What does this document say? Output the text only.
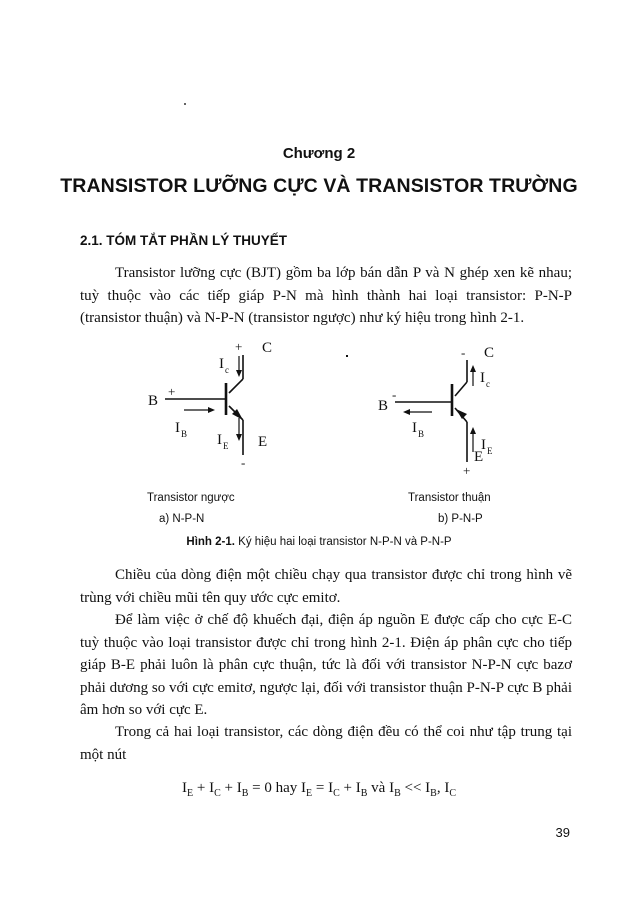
Chương 2
TRANSISTOR LƯỠNG CỰC VÀ TRANSISTOR TRƯỜNG
2.1. TÓM TẮT PHẦN LÝ THUYẾT

Transistor lưỡng cực (BJT) gồm ba lớp bán dẫn P và N ghép xen kẽ nhau; tuỳ thuộc vào các tiếp giáp P-N mà hình thành hai loại transistor: P-N-P (transistor thuận) và N-P-N (transistor ngược) như ký hiệu trong hình 2-1.

+ C
I c
B
+
I B I E E
-
- C
I c
B
-
I B
I E
E
+
Transistor ngược
a) N-P-N
Transistor thuận
b) P-N-P
Hình 2-1. Ký hiệu hai loại transistor N-P-N và P-N-P

Chiều của dòng điện một chiều chạy qua transistor được chỉ trong hình vẽ trùng với chiều mũi tên quy ước cực emitơ.

Để làm việc ở chế độ khuếch đại, điện áp nguồn E được cấp cho cực E-C tuỳ thuộc vào loại transistor được chỉ trong hình 2-1. Điện áp phân cực cho tiếp giáp B-E phải luôn là phân cực thuận, tức là đối với transistor N-P-N cực bazơ phải dương so với cực emitơ, ngược lại, đối với transistor thuận P-N-P cực B phải âm hơn so với cực E.

Trong cả hai loại transistor, các dòng điện đều có thể coi như tập trung tại một nút

$I_E + I_C + I_B = 0$ hay $I_E = I_C + I_B$ và $I_B << I_B$, $I_C$
39
